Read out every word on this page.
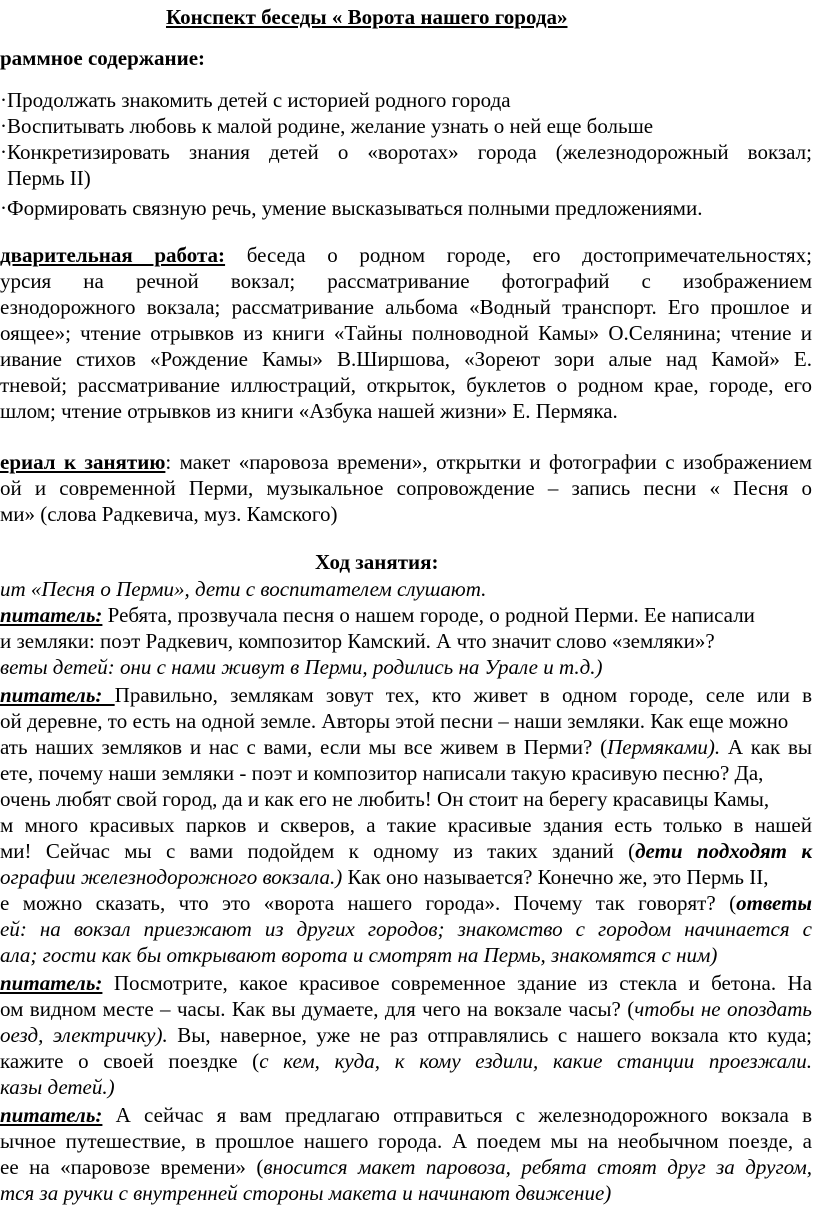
Конспект беседы « Ворота нашего города»
раммное содержание:
·Продолжать знакомить детей с историей родного города
·Воспитывать любовь к малой родине, желание узнать о ней еще больше
·Конкретизировать знания детей о «воротах» города (железнодорожный вокзал;
Пермь II)
·Формировать связную речь, умение высказываться полными предложениями.
дварительная работа: беседа о родном городе, его достопримечательностях;
урсия на речной вокзал; рассматривание фотографий с изображением
езнодорожного вокзала; рассматривание альбома «Водный транспорт. Его прошлое и
оящее»; чтение отрывков из книги «Тайны полноводной Камы» О.Селянина; чтение и
ивание стихов «Рождение Камы» В.Ширшова, «Зореют зори алые над Камой» Е.
тневой; рассматривание иллюстраций, открыток, буклетов о родном крае, городе, его
шлом; чтение отрывков из книги «Азбука нашей жизни» Е. Пермяка.
ериал к занятию: макет «паровоза времени», открытки и фотографии с изображением
ой и современной Перми, музыкальное сопровождение – запись песни « Песня о
ми» (слова Радкевича, муз. Камского)
Ход занятия:
ит «Песня о Перми», дети с воспитателем слушают.
питатель: Ребята, прозвучала песня о нашем городе, о родной Перми. Ее написали
и земляки: поэт Радкевич, композитор Камский. А что значит слово «земляки»?
веты детей: они с нами живут в Перми, родились на Урале и т.д.)
питатель: Правильно, землякам зовут тех, кто живет в одном городе, селе или в
ой деревне, то есть на одной земле. Авторы этой песни – наши земляки. Как еще можно
ать наших земляков и нас с вами, если мы все живем в Перми? (Пермяками). А как вы
ете, почему наши земляки - поэт и композитор написали такую красивую песню? Да,
очень любят свой город, да и как его не любить! Он стоит на берегу красавицы Камы,
м много красивых парков и скверов, а такие красивые здания есть только в нашей
ми! Сейчас мы с вами подойдем к одному из таких зданий (дети подходят к
ографии железнодорожного вокзала.) Как оно называется? Конечно же, это Пермь II,
е можно сказать, что это «ворота нашего города». Почему так говорят? (ответы
ей: на вокзал приезжают из других городов; знакомство с городом начинается с
ала; гости как бы открывают ворота и смотрят на Пермь, знакомятся с ним)
питатель: Посмотрите, какое красивое современное здание из стекла и бетона. На
ом видном месте – часы. Как вы думаете, для чего на вокзале часы? (чтобы не опоздать
оезд, электричку). Вы, наверное, уже не раз отправлялись с нашего вокзала кто куда;
кажите о своей поездке (с кем, куда, к кому ездили, какие станции проезжали.
казы детей.)
питатель: А сейчас я вам предлагаю отправиться с железнодорожного вокзала в
ычное путешествие, в прошлое нашего города. А поедем мы на необычном поезде, а
ее на «паровозе времени» (вносится макет паровоза, ребята стоят друг за другом,
тся за ручки с внутренней стороны макета и начинают движение)
